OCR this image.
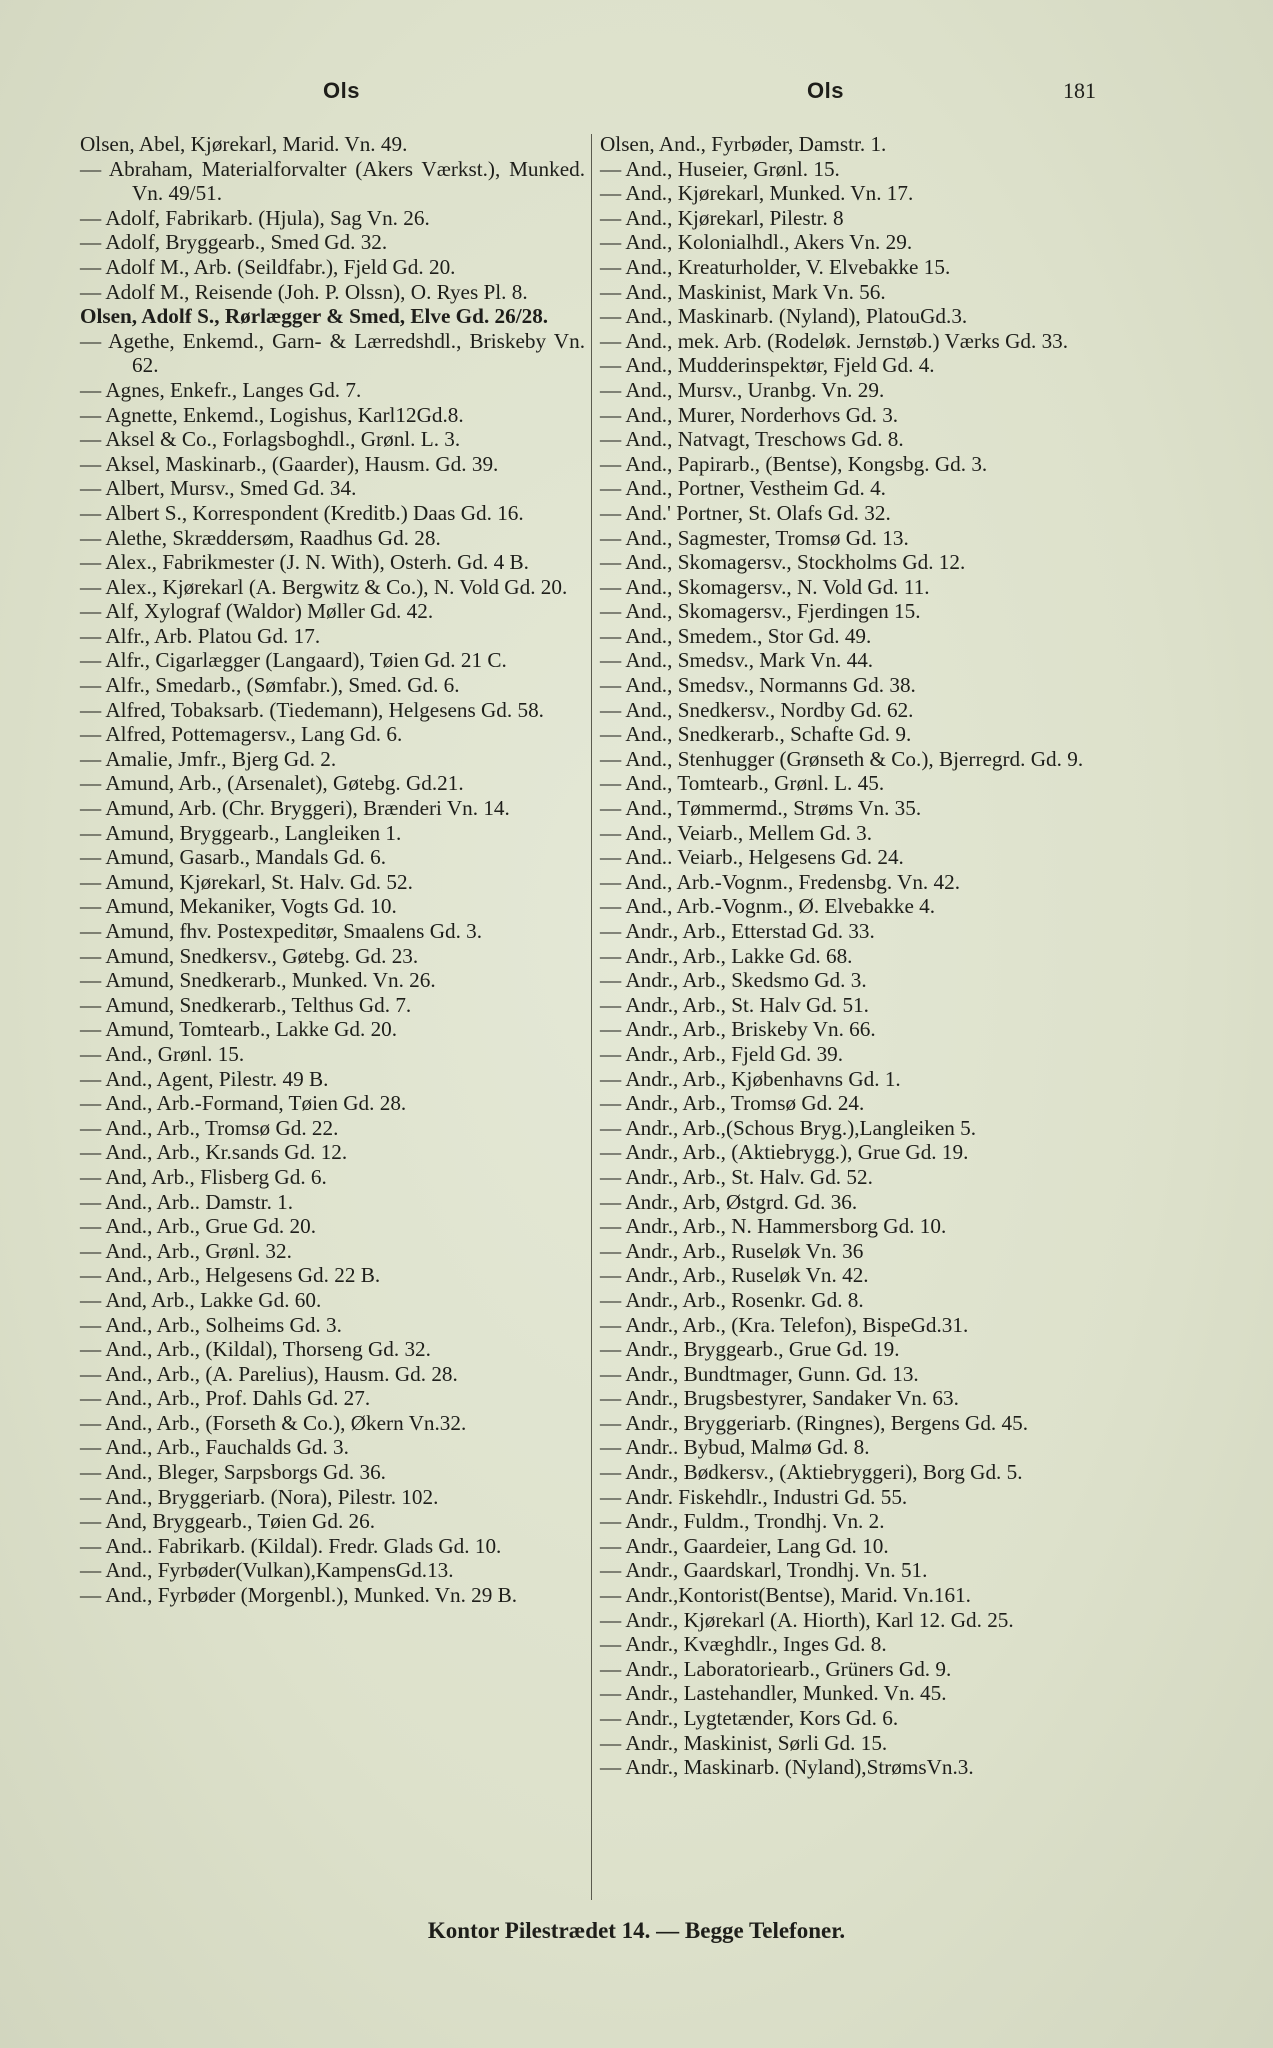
Ols	Ols	181

Olsen, Abel, Kjørekarl, Marid. Vn. 49.

— Abraham, Materialforvalter (Akers Værkst.), Munked. Vn. 49/51.

— Adolf, Fabrikarb. (Hjula), Sag Vn. 26.

— Adolf, Bryggearb., Smed Gd. 32.

— Adolf M., Arb. (Seildfabr.), Fjeld Gd. 20.

— Adolf M., Reisende (Joh. P. Olssn), O. Ryes Pl. 8.

Olsen, Adolf S., Rørlægger & Smed, Elve Gd. 26/28.

— Agethe, Enkemd., Garn- & Lærredshdl., Briskeby Vn. 62.

— Agnes, Enkefr., Langes Gd. 7.

— Agnette, Enkemd., Logishus, Karl12Gd.8.

— Aksel & Co., Forlagsboghdl., Grønl. L. 3.

— Aksel, Maskinarb., (Gaarder), Hausm. Gd. 39.

— Albert, Mursv., Smed Gd. 34.

— Albert S., Korrespondent (Kreditb.) Daas Gd. 16.

— Alethe, Skræddersøm, Raadhus Gd. 28.

— Alex., Fabrikmester (J. N. With), Osterh. Gd. 4 B.

— Alex., Kjørekarl (A. Bergwitz & Co.), N. Vold Gd. 20.

— Alf, Xylograf (Waldor) Møller Gd. 42.

— Alfr., Arb. Platou Gd. 17.

— Alfr., Cigarlægger (Langaard), Tøien Gd. 21 C.

— Alfr., Smedarb., (Sømfabr.), Smed. Gd. 6.

— Alfred, Tobaksarb. (Tiedemann), Helgesens Gd. 58.

— Alfred, Pottemagersv., Lang Gd. 6.

— Amalie, Jmfr., Bjerg Gd. 2.

— Amund, Arb., (Arsenalet), Gøtebg. Gd.21.

— Amund, Arb. (Chr. Bryggeri), Brænderi Vn. 14.

— Amund, Bryggearb., Langleiken 1.

— Amund, Gasarb., Mandals Gd. 6.

— Amund, Kjørekarl, St. Halv. Gd. 52.

— Amund, Mekaniker, Vogts Gd. 10.

— Amund, fhv. Postexpeditør, Smaalens Gd. 3.

— Amund, Snedkersv., Gøtebg. Gd. 23.

— Amund, Snedkerarb., Munked. Vn. 26.

— Amund, Snedkerarb., Telthus Gd. 7.

— Amund, Tomtearb., Lakke Gd. 20.

— And., Grønl. 15.

— And., Agent, Pilestr. 49 B.

— And., Arb.-Formand, Tøien Gd. 28.

— And., Arb., Tromsø Gd. 22.

— And., Arb., Kr.sands Gd. 12.

— And, Arb., Flisberg Gd. 6.

— And., Arb.. Damstr. 1.

— And., Arb., Grue Gd. 20.

— And., Arb., Grønl. 32.

— And., Arb., Helgesens Gd. 22 B.

— And, Arb., Lakke Gd. 60.

— And., Arb., Solheims Gd. 3.

— And., Arb., (Kildal), Thorseng Gd. 32.

— And., Arb., (A. Parelius), Hausm. Gd. 28.

— And., Arb., Prof. Dahls Gd. 27.

— And., Arb., (Forseth & Co.), Økern Vn.32.

— And., Arb., Fauchalds Gd. 3.

— And., Bleger, Sarpsborgs Gd. 36.

— And., Bryggeriarb. (Nora), Pilestr. 102.

— And, Bryggearb., Tøien Gd. 26.

— And.. Fabrikarb. (Kildal). Fredr. Glads Gd. 10.

— And., Fyrbøder(Vulkan),KampensGd.13.

— And., Fyrbøder (Morgenbl.), Munked. Vn. 29 B.

Olsen, And., Fyrbøder, Damstr. 1.

— And., Huseier, Grønl. 15.

— And., Kjørekarl, Munked. Vn. 17.

— And., Kjørekarl, Pilestr. 8

— And., Kolonialhdl., Akers Vn. 29.

— And., Kreaturholder, V. Elvebakke 15.

— And., Maskinist, Mark Vn. 56.

— And., Maskinarb. (Nyland), PlatouGd.3.

— And., mek. Arb. (Rodeløk. Jernstøb.) Værks Gd. 33.

— And., Mudderinspektør, Fjeld Gd. 4.

— And., Mursv., Uranbg. Vn. 29.

— And., Murer, Norderhovs Gd. 3.

— And., Natvagt, Treschows Gd. 8.

— And., Papirarb., (Bentse), Kongsbg. Gd. 3.

— And., Portner, Vestheim Gd. 4.

— And.' Portner, St. Olafs Gd. 32.

— And., Sagmester, Tromsø Gd. 13.

— And., Skomagersv., Stockholms Gd. 12.

— And., Skomagersv., N. Vold Gd. 11.

— And., Skomagersv., Fjerdingen 15.

— And., Smedem., Stor Gd. 49.

— And., Smedsv., Mark Vn. 44.

— And., Smedsv., Normanns Gd. 38.

— And., Snedkersv., Nordby Gd. 62.

— And., Snedkerarb., Schafte Gd. 9.

— And., Stenhugger (Grønseth & Co.), Bjerregrd. Gd. 9.

— And., Tomtearb., Grønl. L. 45.

— And., Tømmermd., Strøms Vn. 35.

— And., Veiarb., Mellem Gd. 3.

— And.. Veiarb., Helgesens Gd. 24.

— And., Arb.-Vognm., Fredensbg. Vn. 42.

— And., Arb.-Vognm., Ø. Elvebakke 4.

— Andr., Arb., Etterstad Gd. 33.

— Andr., Arb., Lakke Gd. 68.

— Andr., Arb., Skedsmo Gd. 3.

— Andr., Arb., St. Halv Gd. 51.

— Andr., Arb., Briskeby Vn. 66.

— Andr., Arb., Fjeld Gd. 39.

— Andr., Arb., Kjøbenhavns Gd. 1.

— Andr., Arb., Tromsø Gd. 24.

— Andr., Arb.,(Schous Bryg.),Langleiken 5.

— Andr., Arb., (Aktiebrygg.), Grue Gd. 19.

— Andr., Arb., St. Halv. Gd. 52.

— Andr., Arb, Østgrd. Gd. 36.

— Andr., Arb., N. Hammersborg Gd. 10.

— Andr., Arb., Ruseløk Vn. 36

— Andr., Arb., Ruseløk Vn. 42.

— Andr., Arb., Rosenkr. Gd. 8.

— Andr., Arb., (Kra. Telefon), BispeGd.31.

— Andr., Bryggearb., Grue Gd. 19.

— Andr., Bundtmager, Gunn. Gd. 13.

— Andr., Brugsbestyrer, Sandaker Vn. 63.

— Andr., Bryggeriarb. (Ringnes), Bergens Gd. 45.

— Andr.. Bybud, Malmø Gd. 8.

— Andr., Bødkersv., (Aktiebryggeri), Borg Gd. 5.

— Andr. Fiskehdlr., Industri Gd. 55.

— Andr., Fuldm., Trondhj. Vn. 2.

— Andr., Gaardeier, Lang Gd. 10.

— Andr., Gaardskarl, Trondhj. Vn. 51.

— Andr.,Kontorist(Bentse), Marid. Vn.161.

— Andr., Kjørekarl (A. Hiorth), Karl 12. Gd. 25.

— Andr., Kvæghdlr., Inges Gd. 8.

— Andr., Laboratoriearb., Grüners Gd. 9.

— Andr., Lastehandler, Munked. Vn. 45.

— Andr., Lygtetænder, Kors Gd. 6.

— Andr., Maskinist, Sørli Gd. 15.

— Andr., Maskinarb. (Nyland),StrømsVn.3.

Kontor Pilestrædet 14. — Begge Telefoner.
